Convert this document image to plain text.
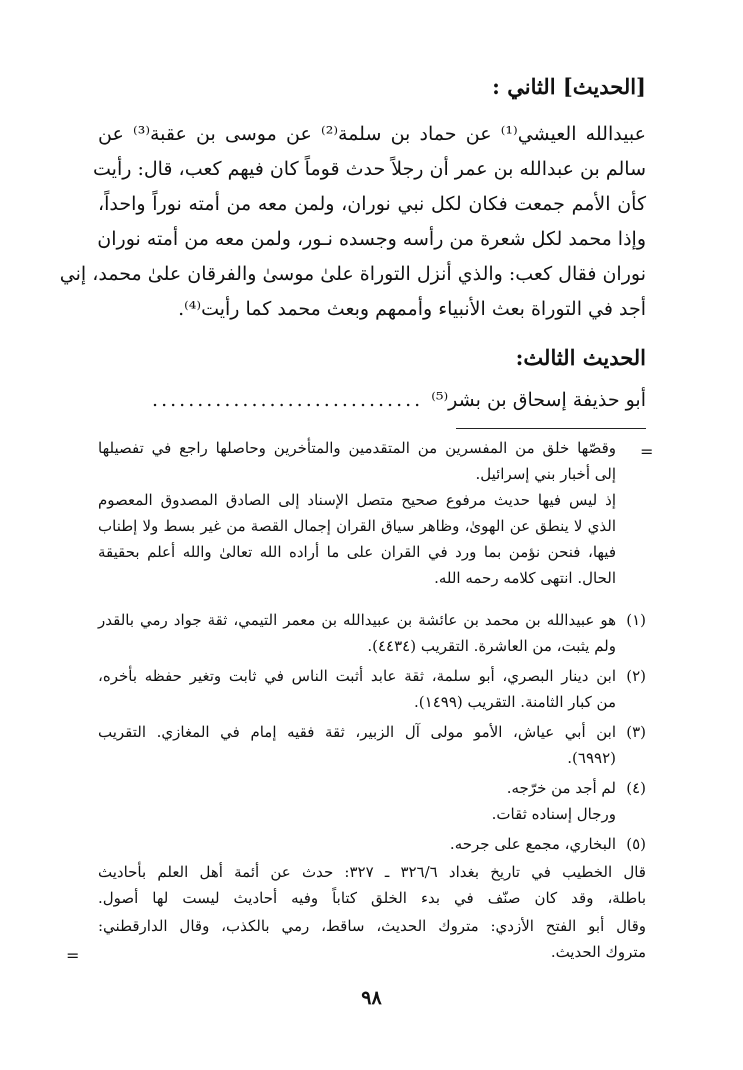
[الحديث] الثاني :
عبيدالله العيشي⁽¹⁾ عن حماد بن سلمة⁽²⁾ عن موسى بن عقبة⁽³⁾ عن
سالم بن عبدالله بن عمر أن رجلاً حدث قوماً كان فيهم كعب، قال: رأيت
كأن الأمم جمعت فكان لكل نبي نوران، ولمن معه من أمته نوراً واحداً،
وإذا محمد لكل شعرة من رأسه وجسده نـور، ولمن معه من أمته نوران
نوران فقال كعب: والذي أنزل التوراة علىٰ موسىٰ والفرقان علىٰ محمد، إني
أجد في التوراة بعث الأنبياء وأممهم وبعث محمد كما رأيت⁽⁴⁾.
الحديث الثالث:
أبو حذيفة إسحاق بن بشر⁽⁵⁾
..............................
=
وقصّها خلق من المفسرين من المتقدمين والمتأخرين وحاصلها راجع في تفصيلها
إلى أخبار بني إسرائيل.
إذ ليس فيها حديث مرفوع صحيح متصل الإسناد إلى الصادق المصدوق المعصوم
الذي لا ينطق عن الهوىٰ، وظاهر سياق القران إجمال القصة من غير بسط ولا إطناب
فيها، فنحن نؤمن بما ورد في القران على ما أراده الله تعالىٰ والله أعلم بحقيقة
الحال. انتهى كلامه رحمه الله.
(١)
هو عبيدالله بن محمد بن عائشة بن عبيدالله بن معمر التيمي، ثقة جواد رمي بالقدر
ولم يثبت، من العاشرة. التقريب (٤٤٣٤).
(٢)
ابن دينار البصري، أبو سلمة، ثقة عابد أثبت الناس في ثابت وتغير حفظه بأخره،
من كبار الثامنة. التقريب (١٤٩٩).
(٣)
ابن أبي عياش، الأمو مولى آل الزبير، ثقة فقيه إمام في المغازي. التقريب
(٦٩٩٢).
(٤)
لم أجد من خرّجه.
ورجال إسناده ثقات.
(٥)
البخاري، مجمع على جرحه.
قال الخطيب في تاريخ بغداد ٣٢٦/٦ ـ ٣٢٧: حدث عن أئمة أهل العلم بأحاديث
باطلة، وقد كان صنّف في بدء الخلق كتاباً وفيه أحاديث ليست لها أصول.
وقال أبو الفتح الأزدي: متروك الحديث، ساقط، رمي بالكذب، وقال الدارقطني:
متروك الحديث.
=
٩٨
